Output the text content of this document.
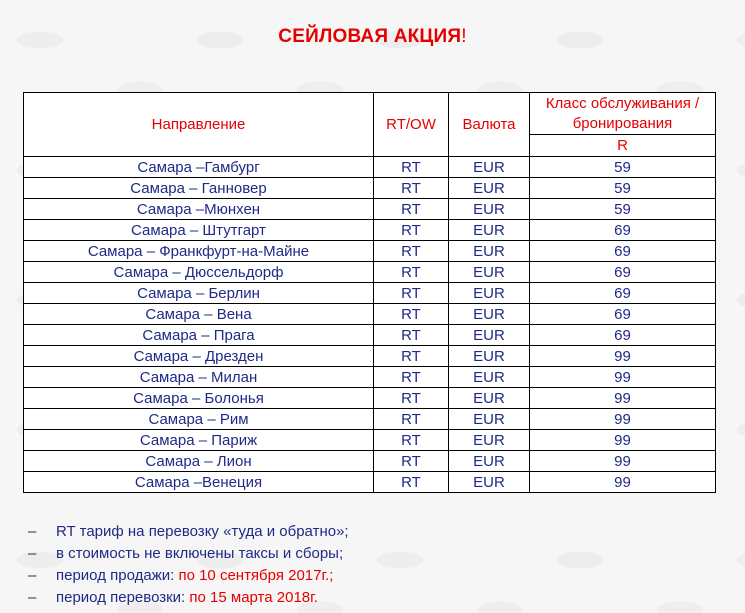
СЕЙЛОВАЯ АКЦИЯ!
Направление	RT/OW	Валюта	Класс обслуживания / бронирования
			R
Самара –Гамбург	RT	EUR	59
Самара – Ганновер	RT	EUR	59
Самара –Мюнхен	RT	EUR	59
Самара – Штутгарт	RT	EUR	69
Самара – Франкфурт-на-Майне	RT	EUR	69
Самара – Дюссельдорф	RT	EUR	69
Самара – Берлин	RT	EUR	69
Самара – Вена	RT	EUR	69
Самара – Прага	RT	EUR	69
Самара – Дрезден	RT	EUR	99
Самара – Милан	RT	EUR	99
Самара – Болонья	RT	EUR	99
Самара – Рим	RT	EUR	99
Самара – Париж	RT	EUR	99
Самара – Лион	RT	EUR	99
Самара –Венеция	RT	EUR	99
– RT тариф на перевозку «туда и обратно»;
– в стоимость не включены таксы и сборы;
– период продажи: по 10 сентября 2017г.;
– период перевозки: по 15 марта 2018г.
